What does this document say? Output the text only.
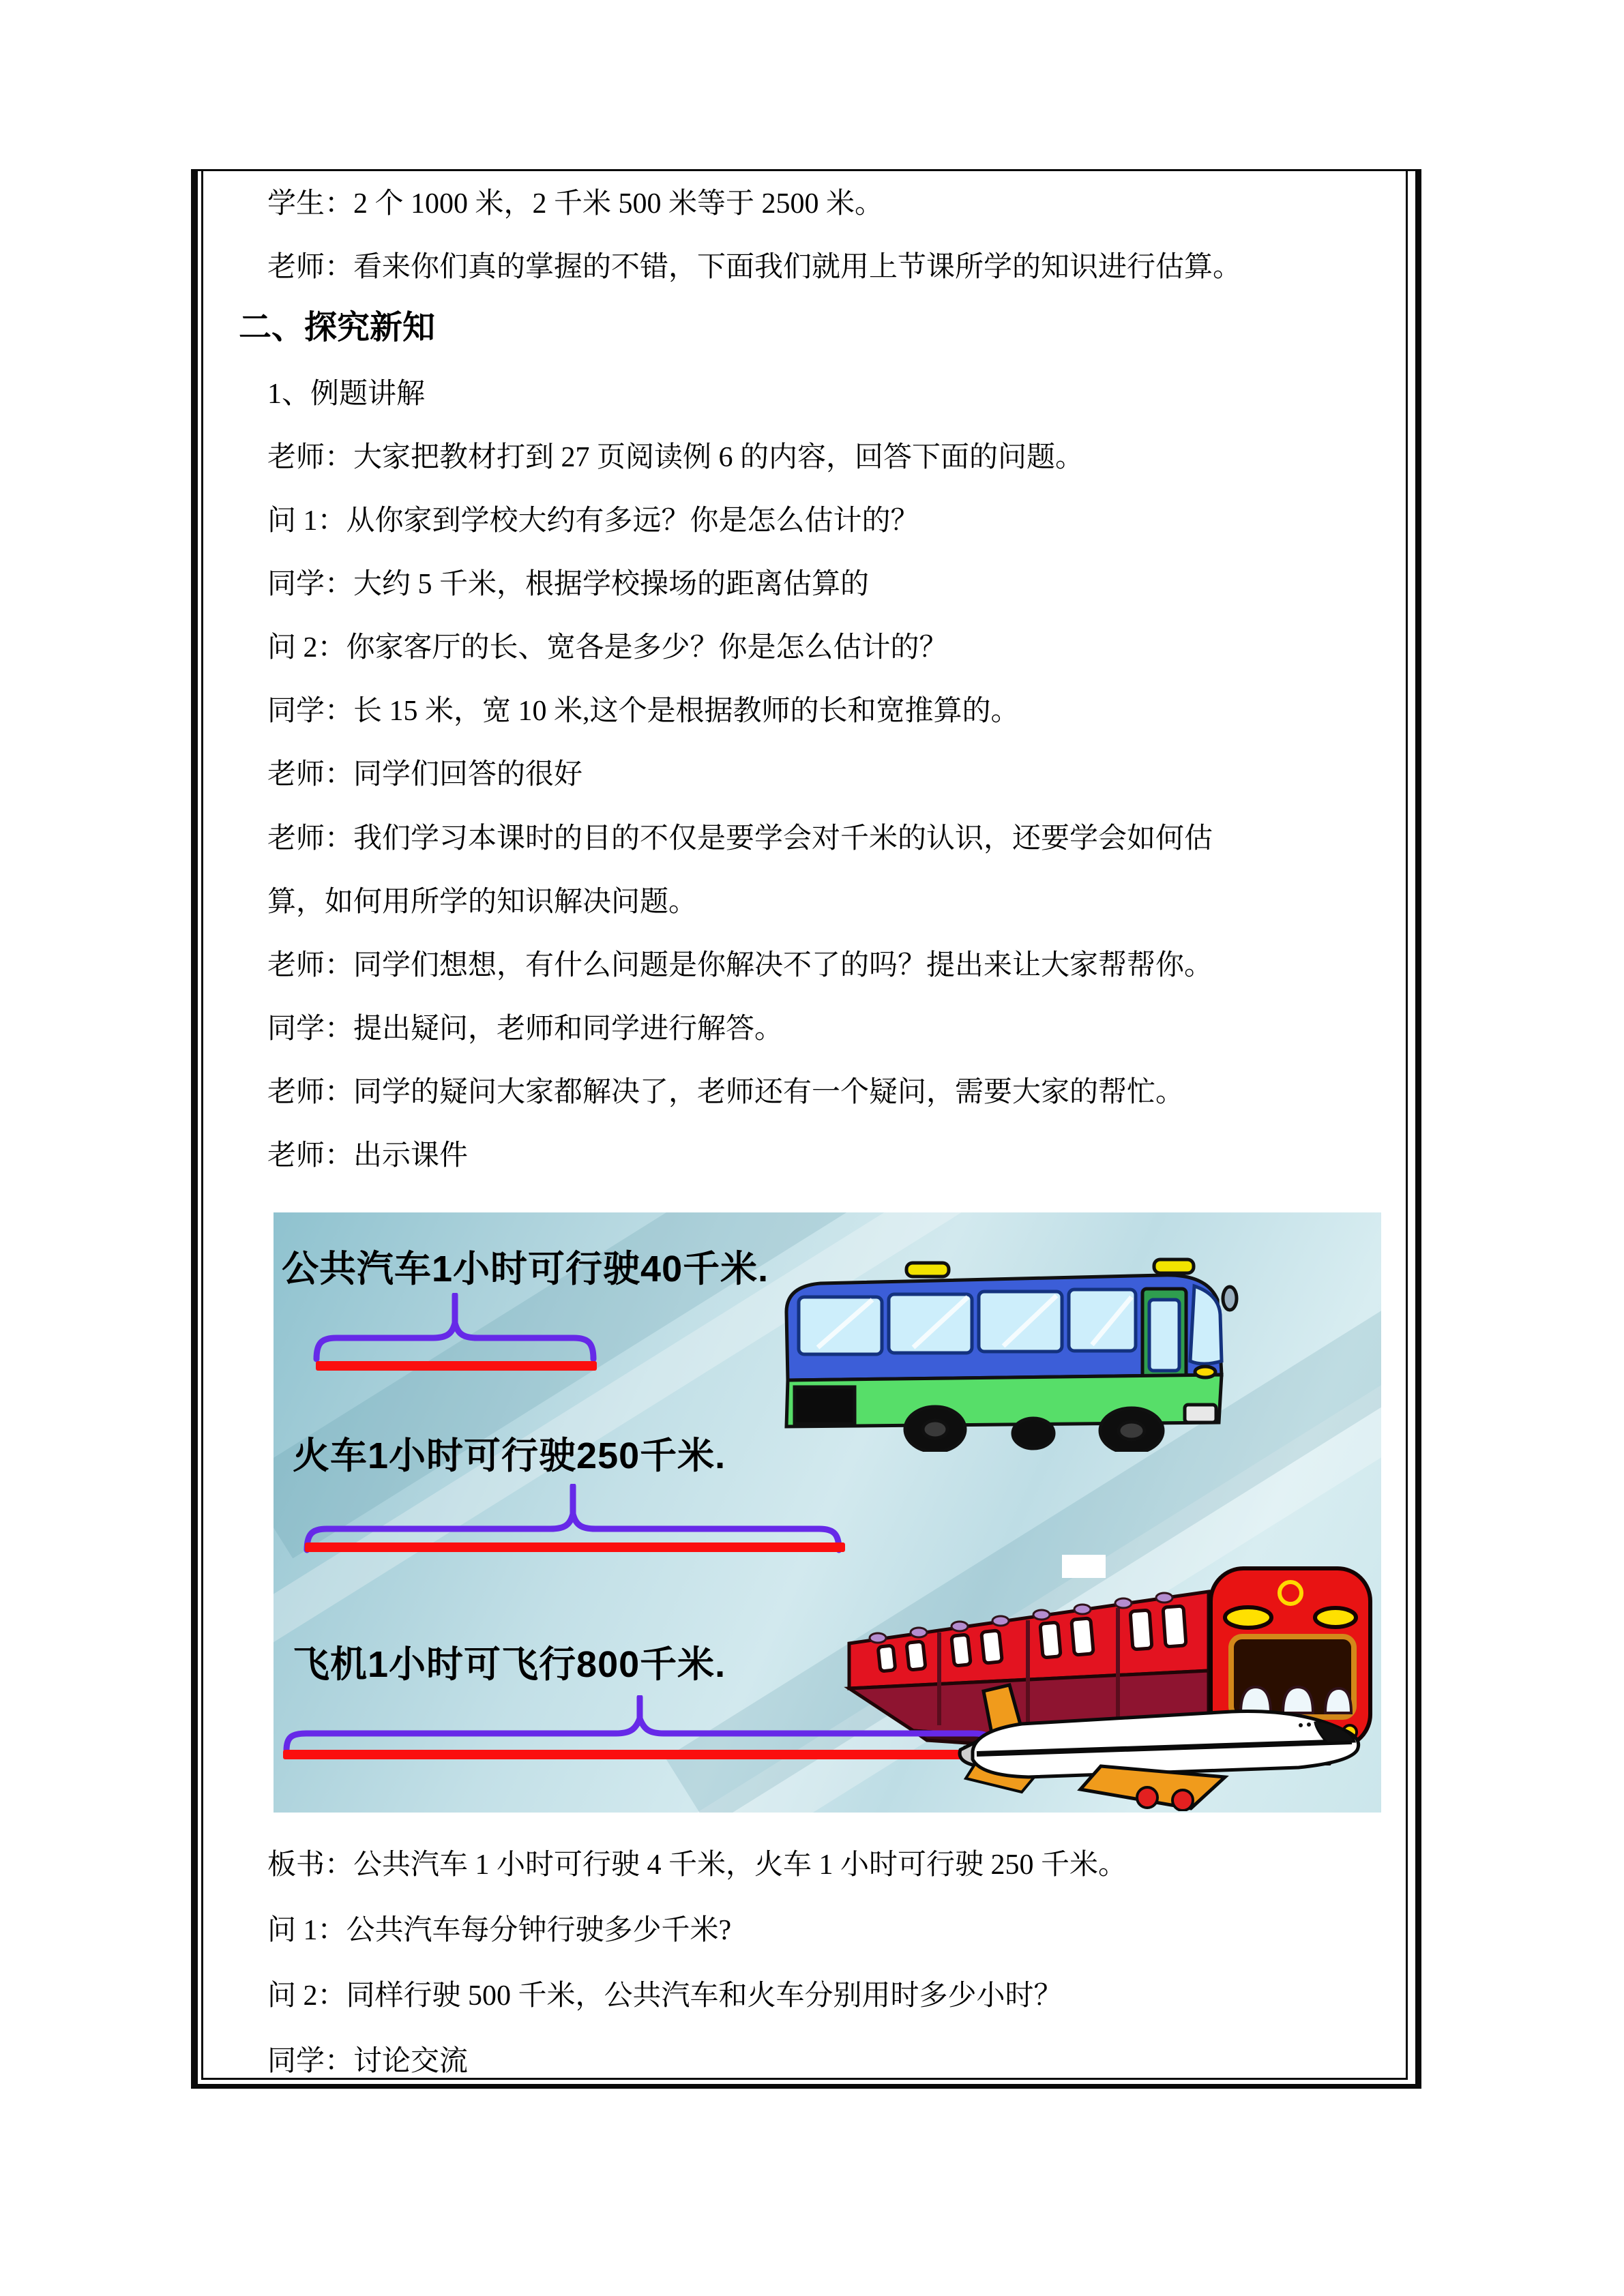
学生：2 个 1000 米，2 千米 500 米等于 2500 米。

老师：看来你们真的掌握的不错，下面我们就用上节课所学的知识进行估算。

二、探究新知

1、例题讲解

老师：大家把教材打到 27 页阅读例 6 的内容，回答下面的问题。

问 1：从你家到学校大约有多远？你是怎么估计的？

同学：大约 5 千米，根据学校操场的距离估算的

问 2：你家客厅的长、宽各是多少？你是怎么估计的？

同学：长 15 米，宽 10 米,这个是根据教师的长和宽推算的。

老师：同学们回答的很好

老师：我们学习本课时的目的不仅是要学会对千米的认识，还要学会如何估

算，如何用所学的知识解决问题。

老师：同学们想想，有什么问题是你解决不了的吗？提出来让大家帮帮你。

同学：提出疑问，老师和同学进行解答。

老师：同学的疑问大家都解决了，老师还有一个疑问，需要大家的帮忙。

老师：出示课件

公共汽车1小时可行驶40千米.

火车1小时可行驶250千米.

飞机1小时可飞行800千米.

板书：公共汽车 1 小时可行驶 4 千米，火车 1 小时可行驶 250 千米。

问 1：公共汽车每分钟行驶多少千米?

问 2：同样行驶 500 千米，公共汽车和火车分别用时多少小时？

同学：讨论交流
